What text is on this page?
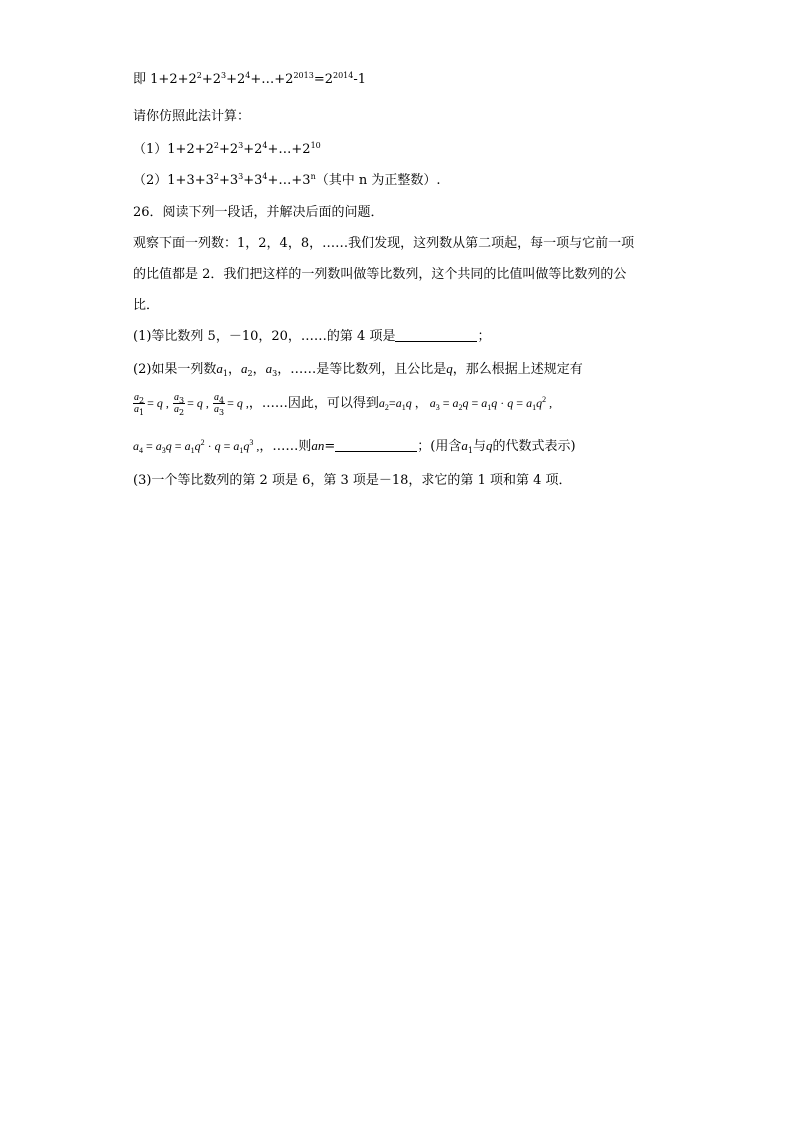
即 $1+2+2^2+2^3+2^4+\dots+2^{2013}=2^{2014}-1$
请你仿照此法计算：
$(1)1+2+2^2+2^3+2^4+\dots+2^{10}$
$(2)1+3+3^2+3^3+3^4+\dots+3^n$（其中 n 为正整数）.
26．阅读下列一段话，并解决后面的问题．
观察下面一列数：1，2，4，8，……我们发现，这列数从第二项起，每一项与它前一项
的比值都是 2．我们把这样的一列数叫做等比数列，这个共同的比值叫做等比数列的公
比．
(1)等比数列 5，－10，20，……的第 4 项是	；
(2)如果一列数$a_1$，$a_2$，$a_3$，……是等比数列，且公比是q，那么根据上述规定有
$\frac{a_2}{a_1} = q$ , $\frac{a_3}{a_2} = q$ , $\frac{a_4}{a_3} = q$ ,，……因此，可以得到$a_2=a_1q$ ， $a_3 = a_2q = a_1q \cdot q = a_1q^2$ ,
$a_4 = a_3q = a_1q^2 \cdot q = a_1q^3$ ,，……则an=	；(用含$a_1$与q的代数式表示)
(3)一个等比数列的第 2 项是 6，第 3 项是－18，求它的第 1 项和第 4 项．
